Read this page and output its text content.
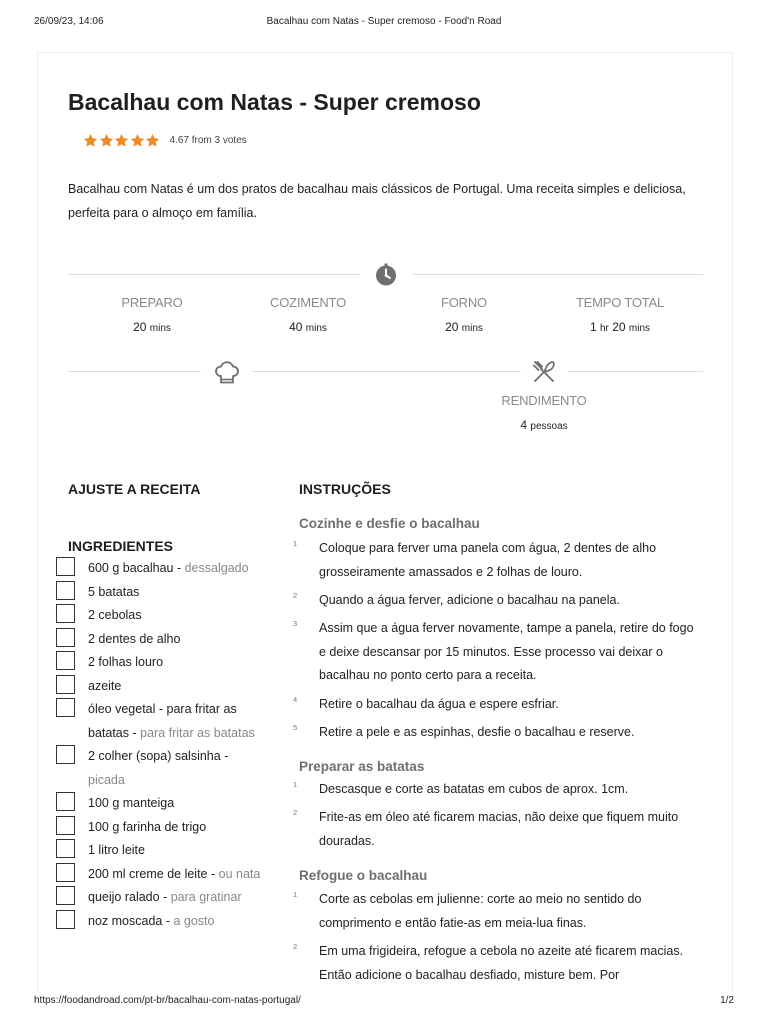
26/09/23, 14:06	Bacalhau com Natas - Super cremoso - Food'n Road
Bacalhau com Natas - Super cremoso
4.67 from 3 votes

Bacalhau com Natas é um dos pratos de bacalhau mais clássicos de Portugal. Uma receita simples e deliciosa, perfeita para o almoço em família.

PREPARO
20 mins
COZIMENTO
40 mins
FORNO
20 mins
TEMPO TOTAL
1 hr 20 mins
RENDIMENTO
4 pessoas
AJUSTE A RECEITA
INGREDIENTES
600 g bacalhau - dessalgado
5 batatas
2 cebolas
2 dentes de alho
2 folhas louro
azeite
óleo vegetal - para fritar as batatas - para fritar as batatas
2 colher (sopa) salsinha - picada
100 g manteiga
100 g farinha de trigo
1 litro leite
200 ml creme de leite - ou nata
queijo ralado - para gratinar
noz moscada - a gosto
INSTRUÇÕES
Cozinhe e desfie o bacalhau
1 Coloque para ferver uma panela com água, 2 dentes de alho grosseiramente amassados e 2 folhas de louro.
2 Quando a água ferver, adicione o bacalhau na panela.
3 Assim que a água ferver novamente, tampe a panela, retire do fogo e deixe descansar por 15 minutos. Esse processo vai deixar o bacalhau no ponto certo para a receita.
4 Retire o bacalhau da água e espere esfriar.
5 Retire a pele e as espinhas, desfie o bacalhau e reserve.
Preparar as batatas
1 Descasque e corte as batatas em cubos de aprox. 1cm.
2 Frite-as em óleo até ficarem macias, não deixe que fiquem muito douradas.
Refogue o bacalhau
1 Corte as cebolas em julienne: corte ao meio no sentido do comprimento e então fatie-as em meia-lua finas.
2 Em uma frigideira, refogue a cebola no azeite até ficarem macias. Então adicione o bacalhau desfiado, misture bem. Por
https://foodandroad.com/pt-br/bacalhau-com-natas-portugal/	1/2
